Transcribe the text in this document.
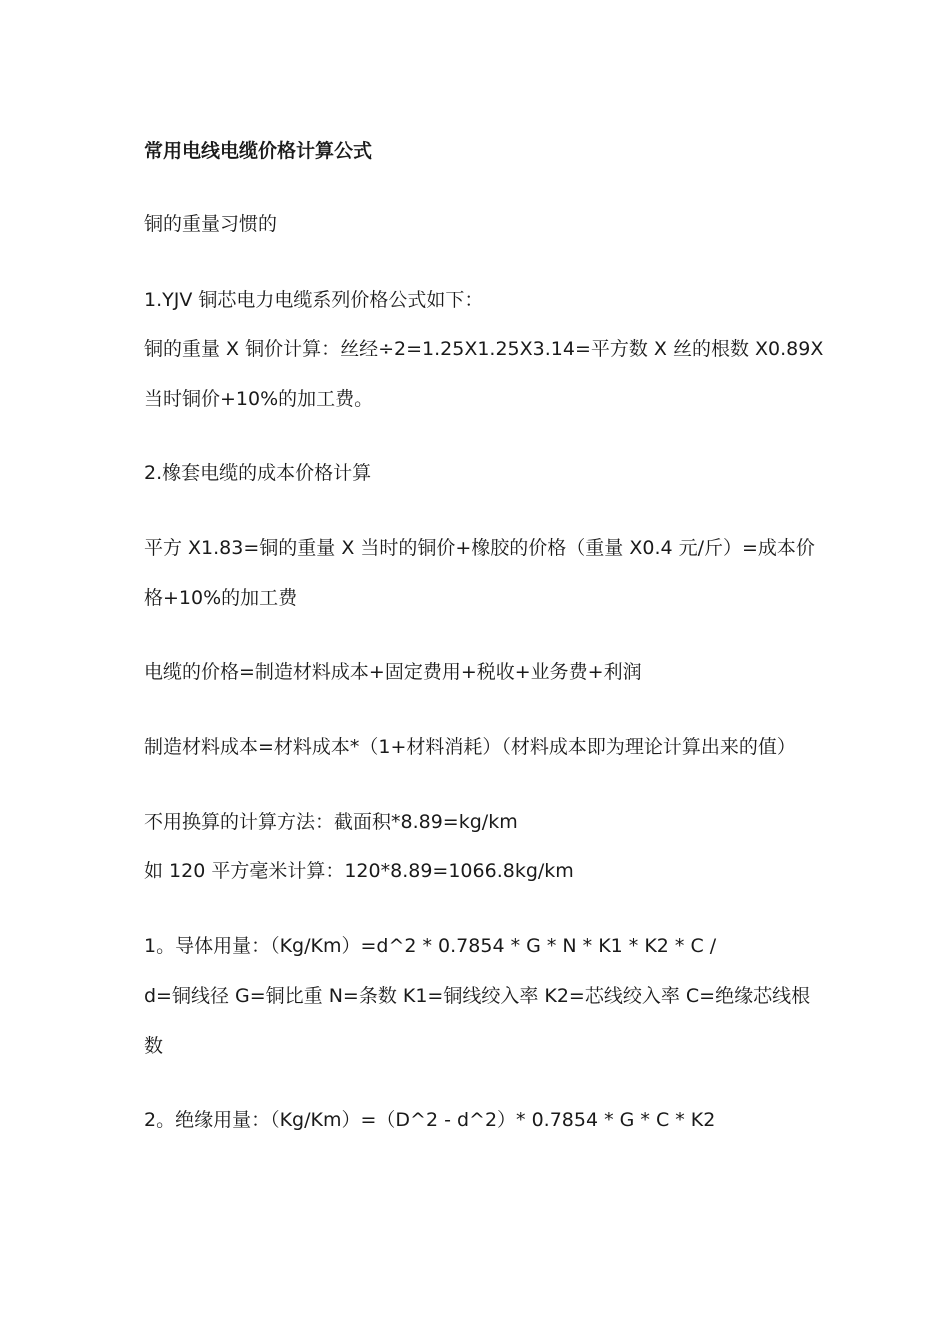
常用电线电缆价格计算公式
铜的重量习惯的
1.YJV 铜芯电力电缆系列价格公式如下：
铜的重量 X 铜价计算：丝经÷2=1.25X1.25X3.14=平方数 X 丝的根数 X0.89X
当时铜价+10%的加工费。
2.橡套电缆的成本价格计算
平方 X1.83=铜的重量 X 当时的铜价+橡胶的价格（重量 X0.4 元/斤）=成本价
格+10%的加工费
电缆的价格=制造材料成本+固定费用+税收+业务费+利润
制造材料成本=材料成本*（1+材料消耗）（材料成本即为理论计算出来的值）
不用换算的计算方法：截面积*8.89=kg/km
如 120 平方毫米计算：120*8.89=1066.8kg/km
1。导体用量：（Kg/Km）=d^2 * 0.7854 * G * N * K1 * K2 * C /
d=铜线径 G=铜比重 N=条数 K1=铜线绞入率 K2=芯线绞入率 C=绝缘芯线根
数
2。绝缘用量：（Kg/Km）=（D^2 - d^2）* 0.7854 * G * C * K2
